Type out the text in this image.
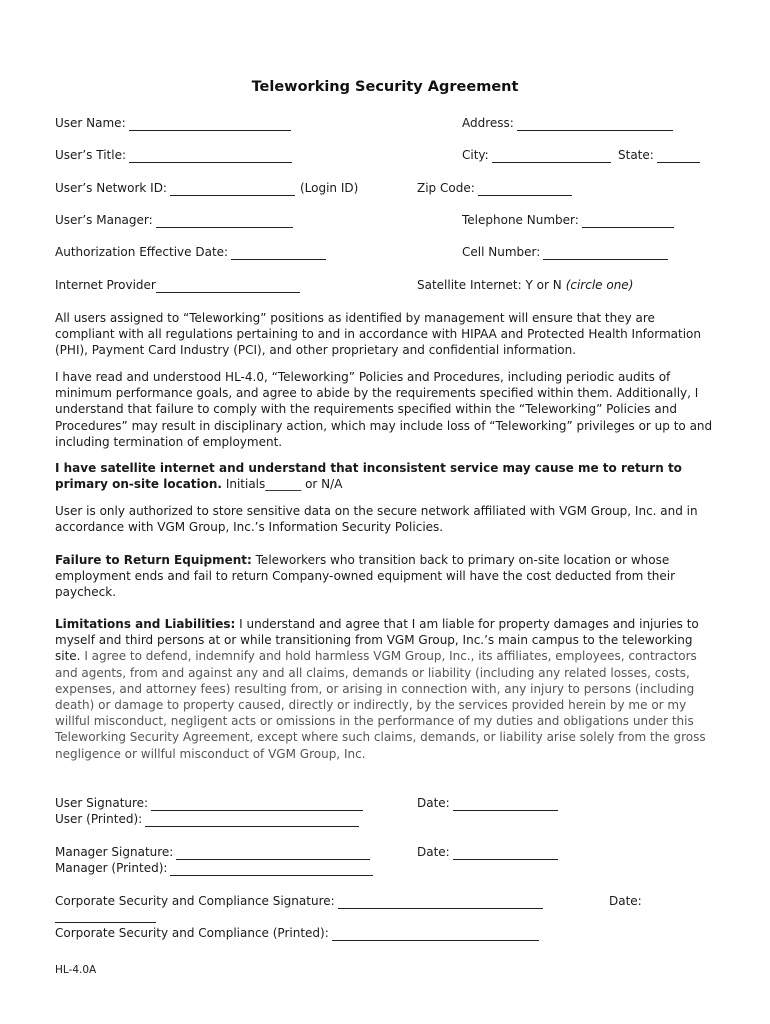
Teleworking Security Agreement
User Name:	Address:
User’s Title:	City:	State:
User’s Network ID:	(Login ID)	Zip Code:
User’s Manager:	Telephone Number:
Authorization Effective Date:	Cell Number:
Internet Provider	Satellite Internet: Y or N (circle one)

All users assigned to “Teleworking” positions as identified by management will ensure that they are compliant with all regulations pertaining to and in accordance with HIPAA and Protected Health Information (PHI), Payment Card Industry (PCI), and other proprietary and confidential information.

I have read and understood HL-4.0, “Teleworking” Policies and Procedures, including periodic audits of minimum performance goals, and agree to abide by the requirements specified within them. Additionally, I understand that failure to comply with the requirements specified within the “Teleworking” Policies and Procedures” may result in disciplinary action, which may include loss of “Teleworking” privileges or up to and including termination of employment.

I have satellite internet and understand that inconsistent service may cause me to return to primary on-site location. Initials______ or N/A

User is only authorized to store sensitive data on the secure network affiliated with VGM Group, Inc. and in accordance with VGM Group, Inc.’s Information Security Policies.

Failure to Return Equipment: Teleworkers who transition back to primary on-site location or whose employment ends and fail to return Company-owned equipment will have the cost deducted from their paycheck.

Limitations and Liabilities: I understand and agree that I am liable for property damages and injuries to myself and third persons at or while transitioning from VGM Group, Inc.’s main campus to the teleworking site. I agree to defend, indemnify and hold harmless VGM Group, Inc., its affiliates, employees, contractors and agents, from and against any and all claims, demands or liability (including any related losses, costs, expenses, and attorney fees) resulting from, or arising in connection with, any injury to persons (including death) or damage to property caused, directly or indirectly, by the services provided herein by me or my willful misconduct, negligent acts or omissions in the performance of my duties and obligations under this Teleworking Security Agreement, except where such claims, demands, or liability arise solely from the gross negligence or willful misconduct of VGM Group, Inc.

User Signature:	Date:
User (Printed):
Manager Signature:	Date:
Manager (Printed):
Corporate Security and Compliance Signature:	Date:
Corporate Security and Compliance (Printed):
HL-4.0A
